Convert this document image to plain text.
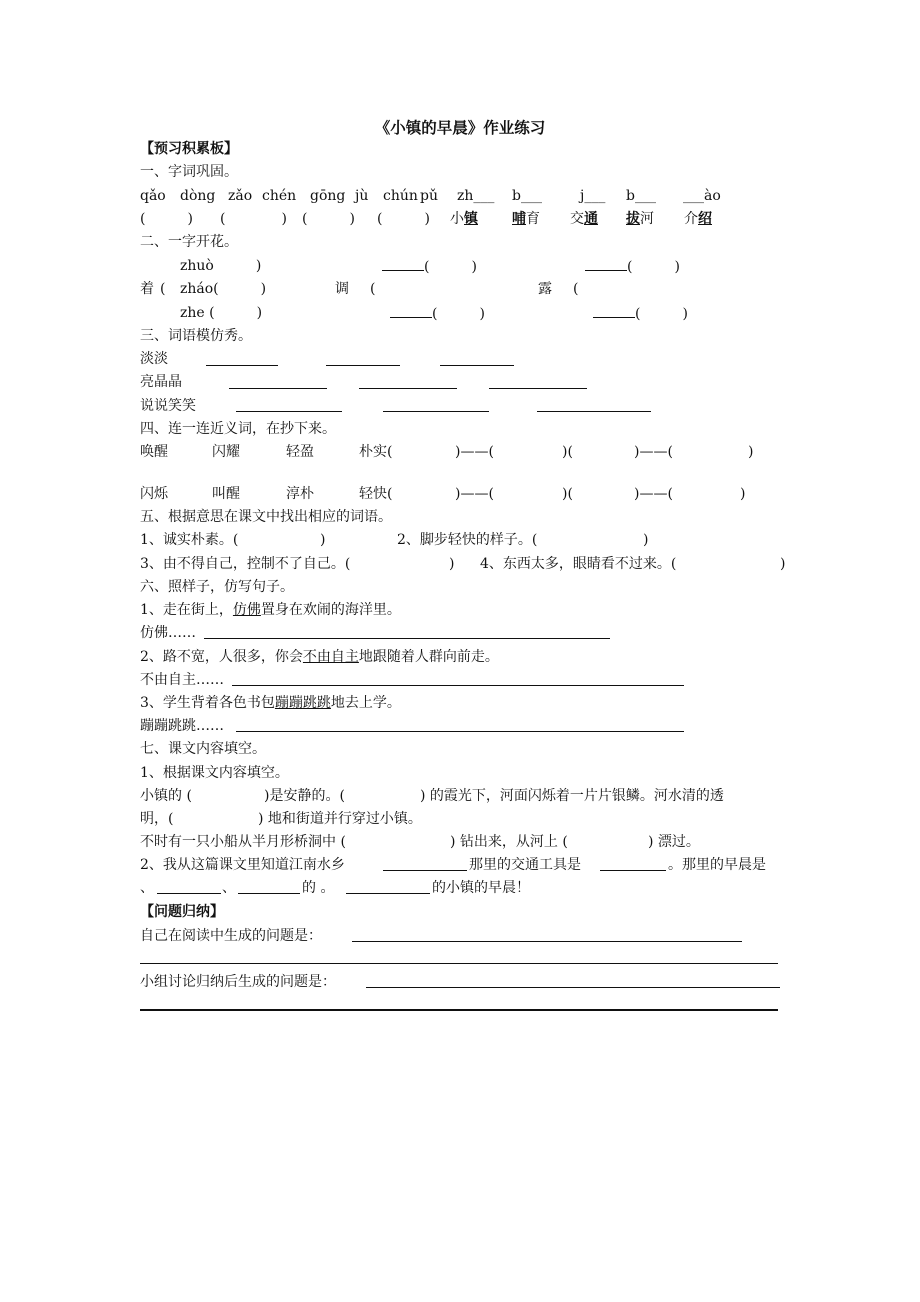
《小镇的早晨》作业练习
【预习积累板】
一、字词巩固。
qǎo dòng zǎo chén gōng jù chún pǔ zh___ b___	j___ b___ ___ào
(　　　) (　　　　) (　　　) (　　　) 小镇 哺育 交通 拔河 介绍
二、一字开花。
zhuò　　　)	(　　　)	(　　　)
着 ( zháo(　　　)	调 (	露 (
zhe (　　　)	(　　　)	(　　　)
三、词语模仿秀。
淡淡
亮晶晶
说说笑笑
四、连一连近义词，在抄下来。
唤醒	闪耀	轻盈	朴实(	)——(	)(	)——(	)
闪烁	叫醒	淳朴	轻快(	)——(	)(	)——(	)
五、根据意思在课文中找出相应的词语。
1、诚实朴素。(	)	2、脚步轻快的样子。(	)
3、由不得自己，控制不了自己。(	) 4、东西太多，眼睛看不过来。(	)
六、照样子，仿写句子。
1、走在街上，仿佛置身在欢闹的海洋里。
仿佛……
2、路不宽，人很多，你会不由自主地跟随着人群向前走。
不由自主……
3、学生背着各色书包蹦蹦跳跳地去上学。
蹦蹦跳跳……
七、课文内容填空。
1、根据课文内容填空。
小镇的 (	)是安静的。(	) 的霞光下，河面闪烁着一片片银鳞。河水清的透
明，(	) 地和街道并行穿过小镇。
不时有一只小船从半月形桥洞中 (	) 钻出来，从河上 (	) 漂过。
2、我从这篇课文里知道江南水乡	那里的交通工具是	。那里的早晨是
、	、	的 。	的小镇的早晨！
【问题归纳】
自己在阅读中生成的问题是：
小组讨论归纳后生成的问题是：
